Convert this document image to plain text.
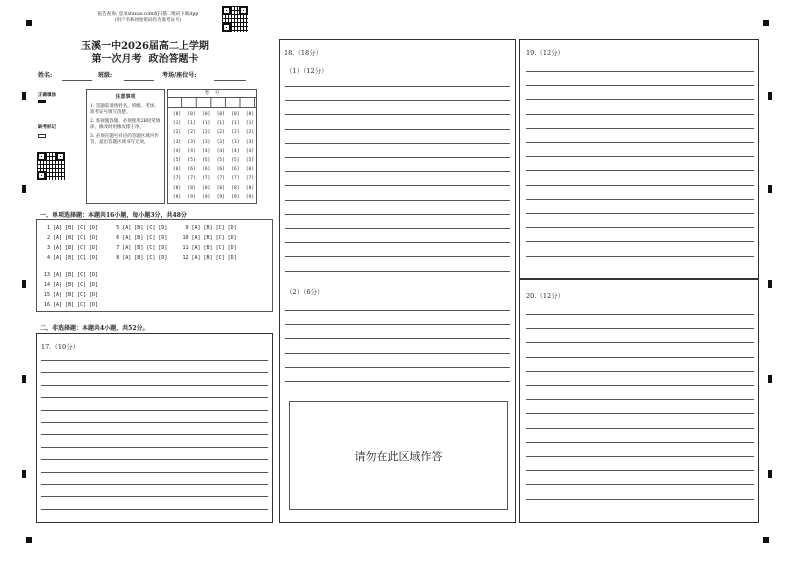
报告查询: 登录shixuo.com或扫描二维码下载App
(用户名和初始密码均为准考证号)
玉溪一中2026届高二上学期
第一次月考  政治答题卡
姓名:	班级:	考场/座位号:
正确填涂
缺考标记
注意事项
1. 答题前请将姓名、班级、考场、准考证号填写清楚。
2. 客观题答题，必须使用2B铅笔填涂，修改时用橡皮擦干净。
3. 必须在题号对应的答题区域内作答，超出答题区域书写无效。
考    号
[0]
[1]
[2]
[3]
[4]
[5]
[6]
[7]
[8]
[9]
[0]
[1]
[2]
[3]
[4]
[5]
[6]
[7]
[8]
[9]
[0]
[1]
[2]
[3]
[4]
[5]
[6]
[7]
[8]
[9]
[0]
[1]
[2]
[3]
[4]
[5]
[6]
[7]
[8]
[9]
[0]
[1]
[2]
[3]
[4]
[5]
[6]
[7]
[8]
[9]
[0]
[1]
[2]
[3]
[4]
[5]
[6]
[7]
[8]
[9]
一、单项选择题：本题共16小题，每小题3分，共48分
1 [A] [B] [C] [D]      5 [A] [B] [C] [D]      9 [A] [B] [C] [D]
2 [A] [B] [C] [D]      6 [A] [B] [C] [D]     10 [A] [B] [C] [D]
3 [A] [B] [C] [D]      7 [A] [B] [C] [D]     11 [A] [B] [C] [D]
4 [A] [B] [C] [D]      8 [A] [B] [C] [D]     12 [A] [B] [C] [D]
13 [A] [B] [C] [D]
14 [A] [B] [C] [D]
15 [A] [B] [C] [D]
16 [A] [B] [C] [D]
二、非选择题：本题共4小题，共52分。
17.（10分）
18.（18分）
（1）（12分）
（2）（6分）
请勿在此区域作答
19.（12分）
20.（12分）
